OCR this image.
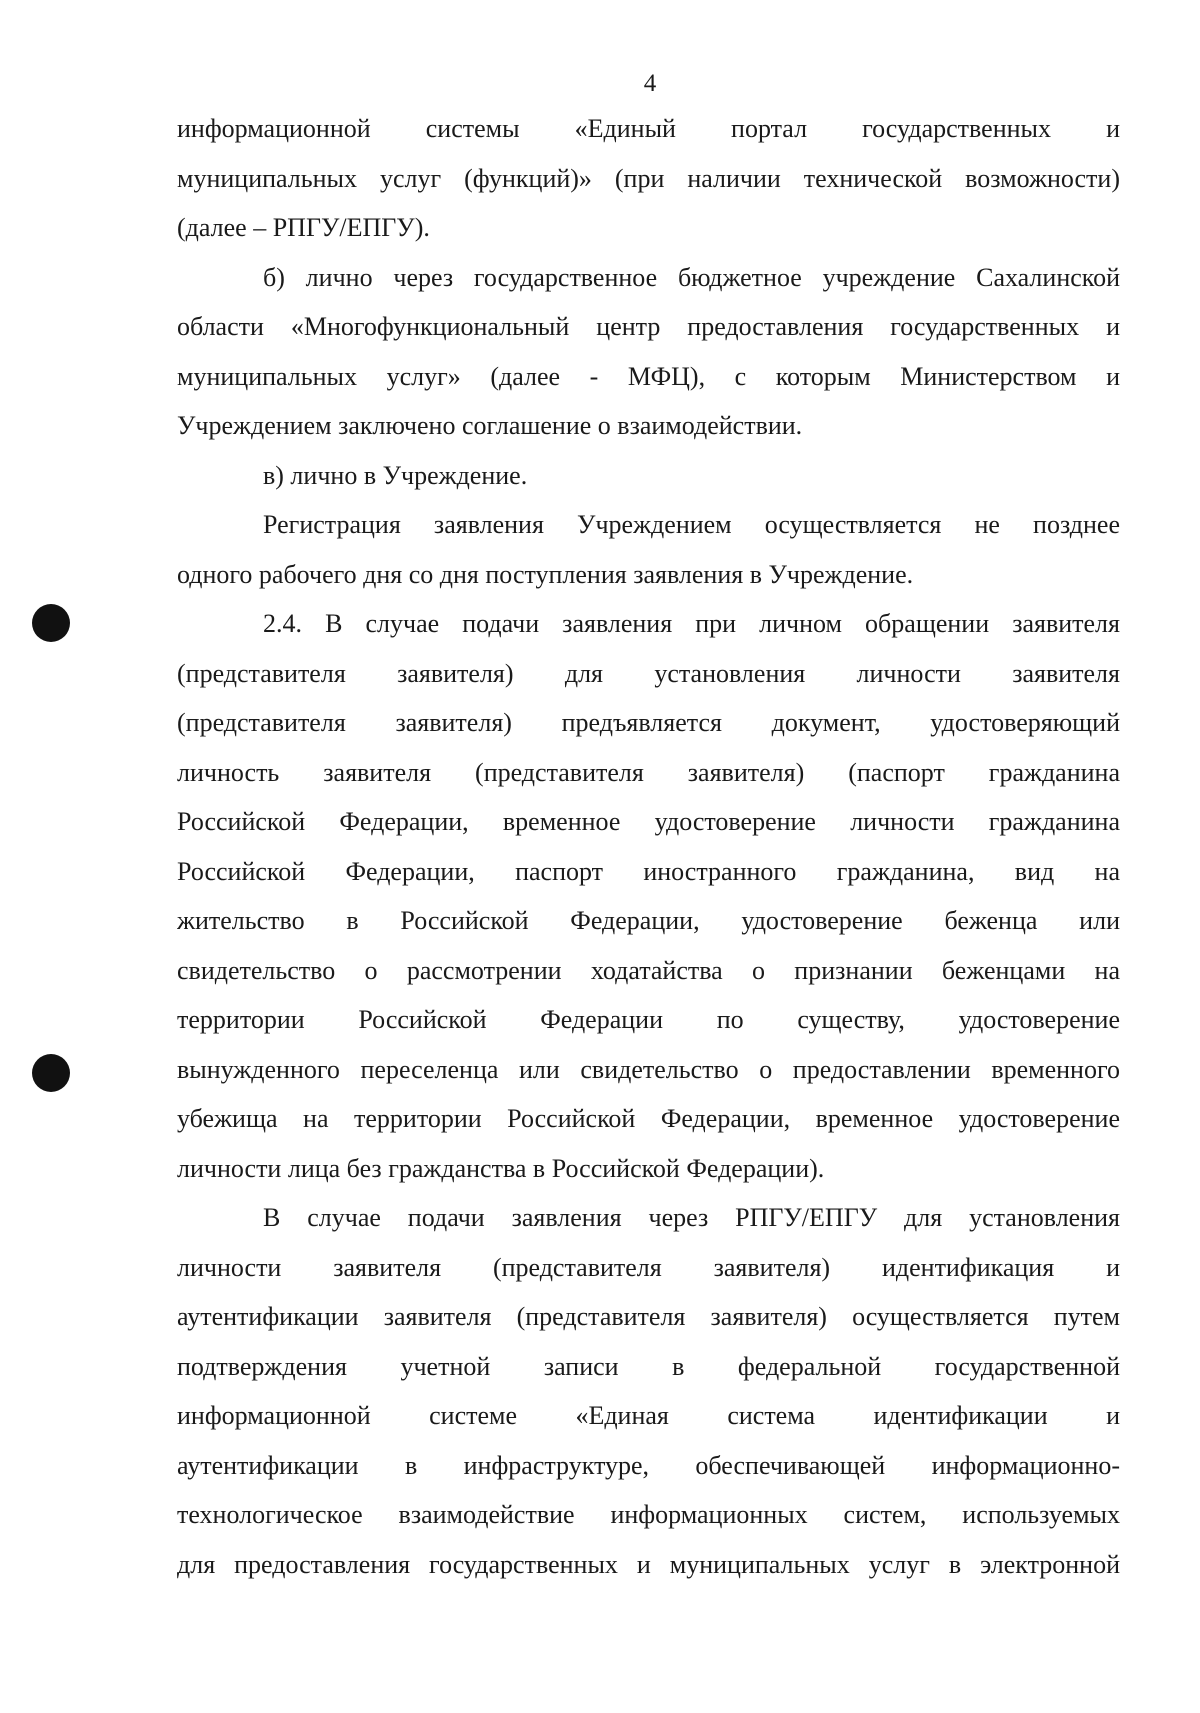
4
информационной системы «Единый портал государственных и
муниципальных услуг (функций)» (при наличии технической возможности)
(далее – РПГУ/ЕПГУ).
б) лично через государственное бюджетное учреждение Сахалинской
области «Многофункциональный центр предоставления государственных и
муниципальных услуг» (далее - МФЦ), с которым Министерством и
Учреждением заключено соглашение о взаимодействии.
в) лично в Учреждение.
Регистрация заявления Учреждением осуществляется не позднее
одного рабочего дня со дня поступления заявления в Учреждение.
2.4. В случае подачи заявления при личном обращении заявителя
(представителя заявителя) для установления личности заявителя
(представителя заявителя) предъявляется документ, удостоверяющий
личность заявителя (представителя заявителя) (паспорт гражданина
Российской Федерации, временное удостоверение личности гражданина
Российской Федерации, паспорт иностранного гражданина, вид на
жительство в Российской Федерации, удостоверение беженца или
свидетельство о рассмотрении ходатайства о признании беженцами на
территории Российской Федерации по существу, удостоверение
вынужденного переселенца или свидетельство о предоставлении временного
убежища на территории Российской Федерации, временное удостоверение
личности лица без гражданства в Российской Федерации).
В случае подачи заявления через РПГУ/ЕПГУ для установления
личности заявителя (представителя заявителя) идентификация и
аутентификации заявителя (представителя заявителя) осуществляется путем
подтверждения учетной записи в федеральной государственной
информационной системе «Единая система идентификации и
аутентификации в инфраструктуре, обеспечивающей информационно-
технологическое взаимодействие информационных систем, используемых
для предоставления государственных и муниципальных услуг в электронной
